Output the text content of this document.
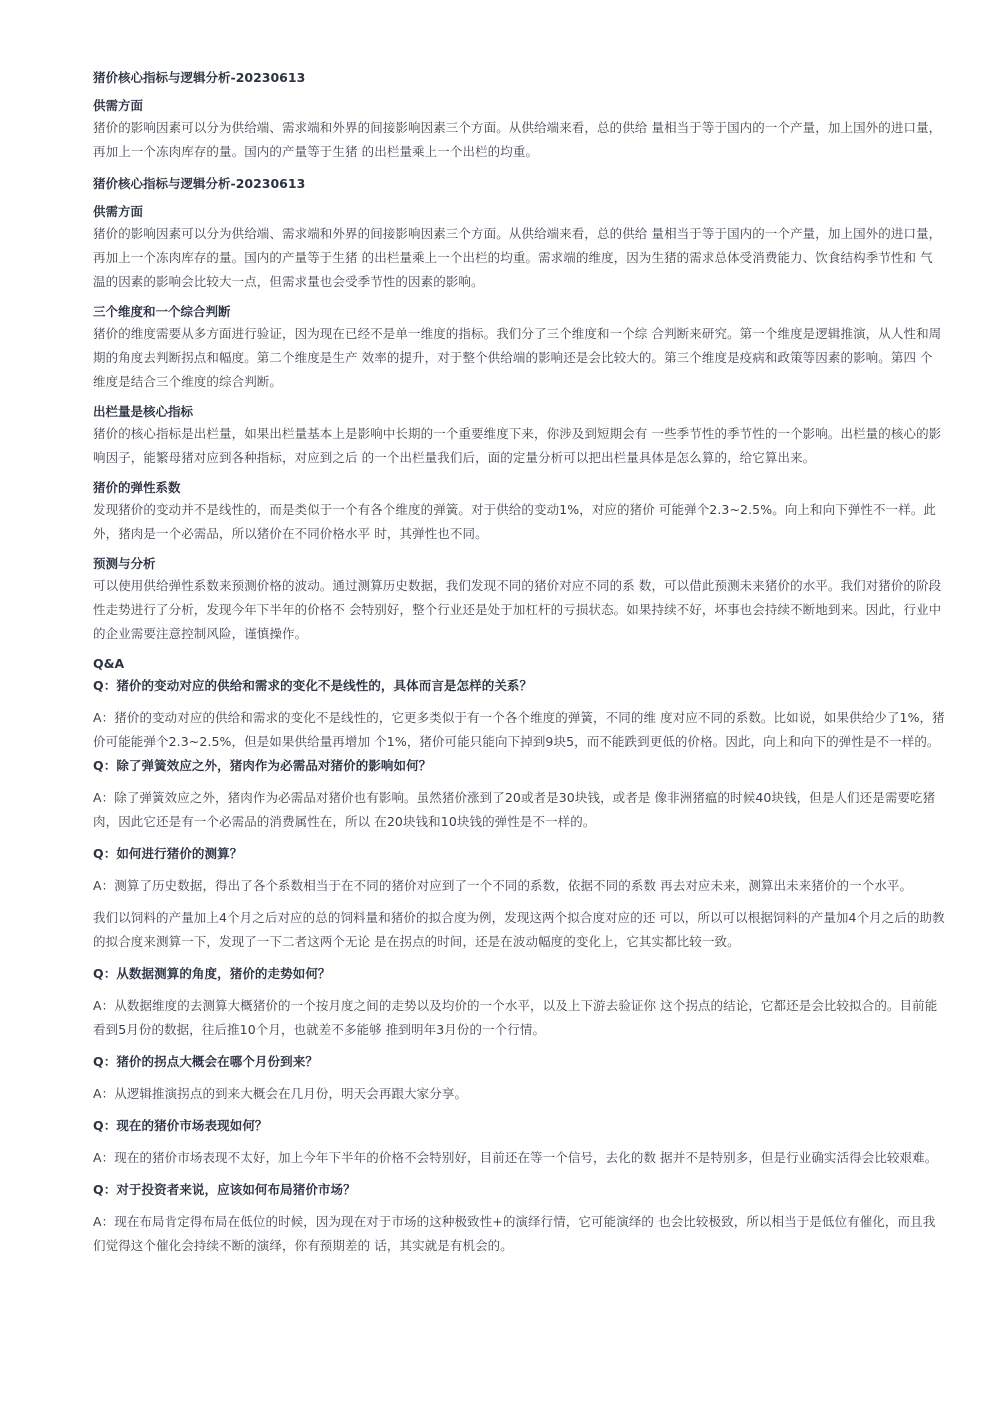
猪价核心指标与逻辑分析-20230613
供需方面
猪价的影响因素可以分为供给端、需求端和外界的间接影响因素三个方面。从供给端来看，总的供给 量相当于等于国内的一个产量，加上国外的进口量，再加上一个冻肉库存的量。国内的产量等于生猪 的出栏量乘上一个出栏的均重。
猪价核心指标与逻辑分析-20230613
供需方面
猪价的影响因素可以分为供给端、需求端和外界的间接影响因素三个方面。从供给端来看，总的供给 量相当于等于国内的一个产量，加上国外的进口量，再加上一个冻肉库存的量。国内的产量等于生猪 的出栏量乘上一个出栏的均重。需求端的维度，因为生猪的需求总体受消费能力、饮食结构季节性和 气温的因素的影响会比较大一点，但需求量也会受季节性的因素的影响。
三个维度和一个综合判断
猪价的维度需要从多方面进行验证，因为现在已经不是单一维度的指标。我们分了三个维度和一个综 合判断来研究。第一个维度是逻辑推演，从人性和周期的角度去判断拐点和幅度。第二个维度是生产 效率的提升，对于整个供给端的影响还是会比较大的。第三个维度是疫病和政策等因素的影响。第四 个维度是结合三个维度的综合判断。
出栏量是核心指标
猪价的核心指标是出栏量，如果出栏量基本上是影响中长期的一个重要维度下来，你涉及到短期会有 一些季节性的季节性的一个影响。出栏量的核心的影响因子，能繁母猪对应到各种指标，对应到之后 的一个出栏量我们后，面的定量分析可以把出栏量具体是怎么算的，给它算出来。
猪价的弹性系数
发现猪价的变动并不是线性的，而是类似于一个有各个维度的弹簧。对于供给的变动1%，对应的猪价 可能弹个2.3~2.5%。向上和向下弹性不一样。此外，猪肉是一个必需品，所以猪价在不同价格水平 时，其弹性也不同。
预测与分析
可以使用供给弹性系数来预测价格的波动。通过测算历史数据，我们发现不同的猪价对应不同的系 数，可以借此预测未来猪价的水平。我们对猪价的阶段性走势进行了分析，发现今年下半年的价格不 会特别好，整个行业还是处于加杠杆的亏损状态。如果持续不好，坏事也会持续不断地到来。因此，行业中的企业需要注意控制风险，谨慎操作。
Q&A
Q：猪价的变动对应的供给和需求的变化不是线性的，具体而言是怎样的关系？
A：猪价的变动对应的供给和需求的变化不是线性的，它更多类似于有一个各个维度的弹簧，不同的维 度对应不同的系数。比如说，如果供给少了1%，猪价可能能弹个2.3~2.5%，但是如果供给量再增加 个1%，猪价可能只能向下掉到9块5，而不能跌到更低的价格。因此，向上和向下的弹性是不一样的。Q：除了弹簧效应之外，猪肉作为必需品对猪价的影响如何？
A：除了弹簧效应之外，猪肉作为必需品对猪价也有影响。虽然猪价涨到了20或者是30块钱，或者是 像非洲猪瘟的时候40块钱，但是人们还是需要吃猪肉，因此它还是有一个必需品的消费属性在，所以 在20块钱和10块钱的弹性是不一样的。
Q：如何进行猪价的测算？
A：测算了历史数据，得出了各个系数相当于在不同的猪价对应到了一个不同的系数，依据不同的系数 再去对应未来，测算出未来猪价的一个水平。
我们以饲料的产量加上4个月之后对应的总的饲料量和猪价的拟合度为例，发现这两个拟合度对应的还 可以，所以可以根据饲料的产量加4个月之后的助教的拟合度来测算一下，发现了一下二者这两个无论 是在拐点的时间，还是在波动幅度的变化上，它其实都比较一致。
Q：从数据测算的角度，猪价的走势如何？
A：从数据维度的去测算大概猪价的一个按月度之间的走势以及均价的一个水平，以及上下游去验证你 这个拐点的结论，它都还是会比较拟合的。目前能看到5月份的数据，往后推10个月，也就差不多能够 推到明年3月份的一个行情。
Q：猪价的拐点大概会在哪个月份到来？
A：从逻辑推演拐点的到来大概会在几月份，明天会再跟大家分享。
Q：现在的猪价市场表现如何？
A：现在的猪价市场表现不太好，加上今年下半年的价格不会特别好，目前还在等一个信号，去化的数 据并不是特别多，但是行业确实活得会比较艰难。
Q：对于投资者来说，应该如何布局猪价市场？
A：现在布局肯定得布局在低位的时候，因为现在对于市场的这种极致性+的演绎行情，它可能演绎的 也会比较极致，所以相当于是低位有催化，而且我们觉得这个催化会持续不断的演绎，你有预期差的 话，其实就是有机会的。
